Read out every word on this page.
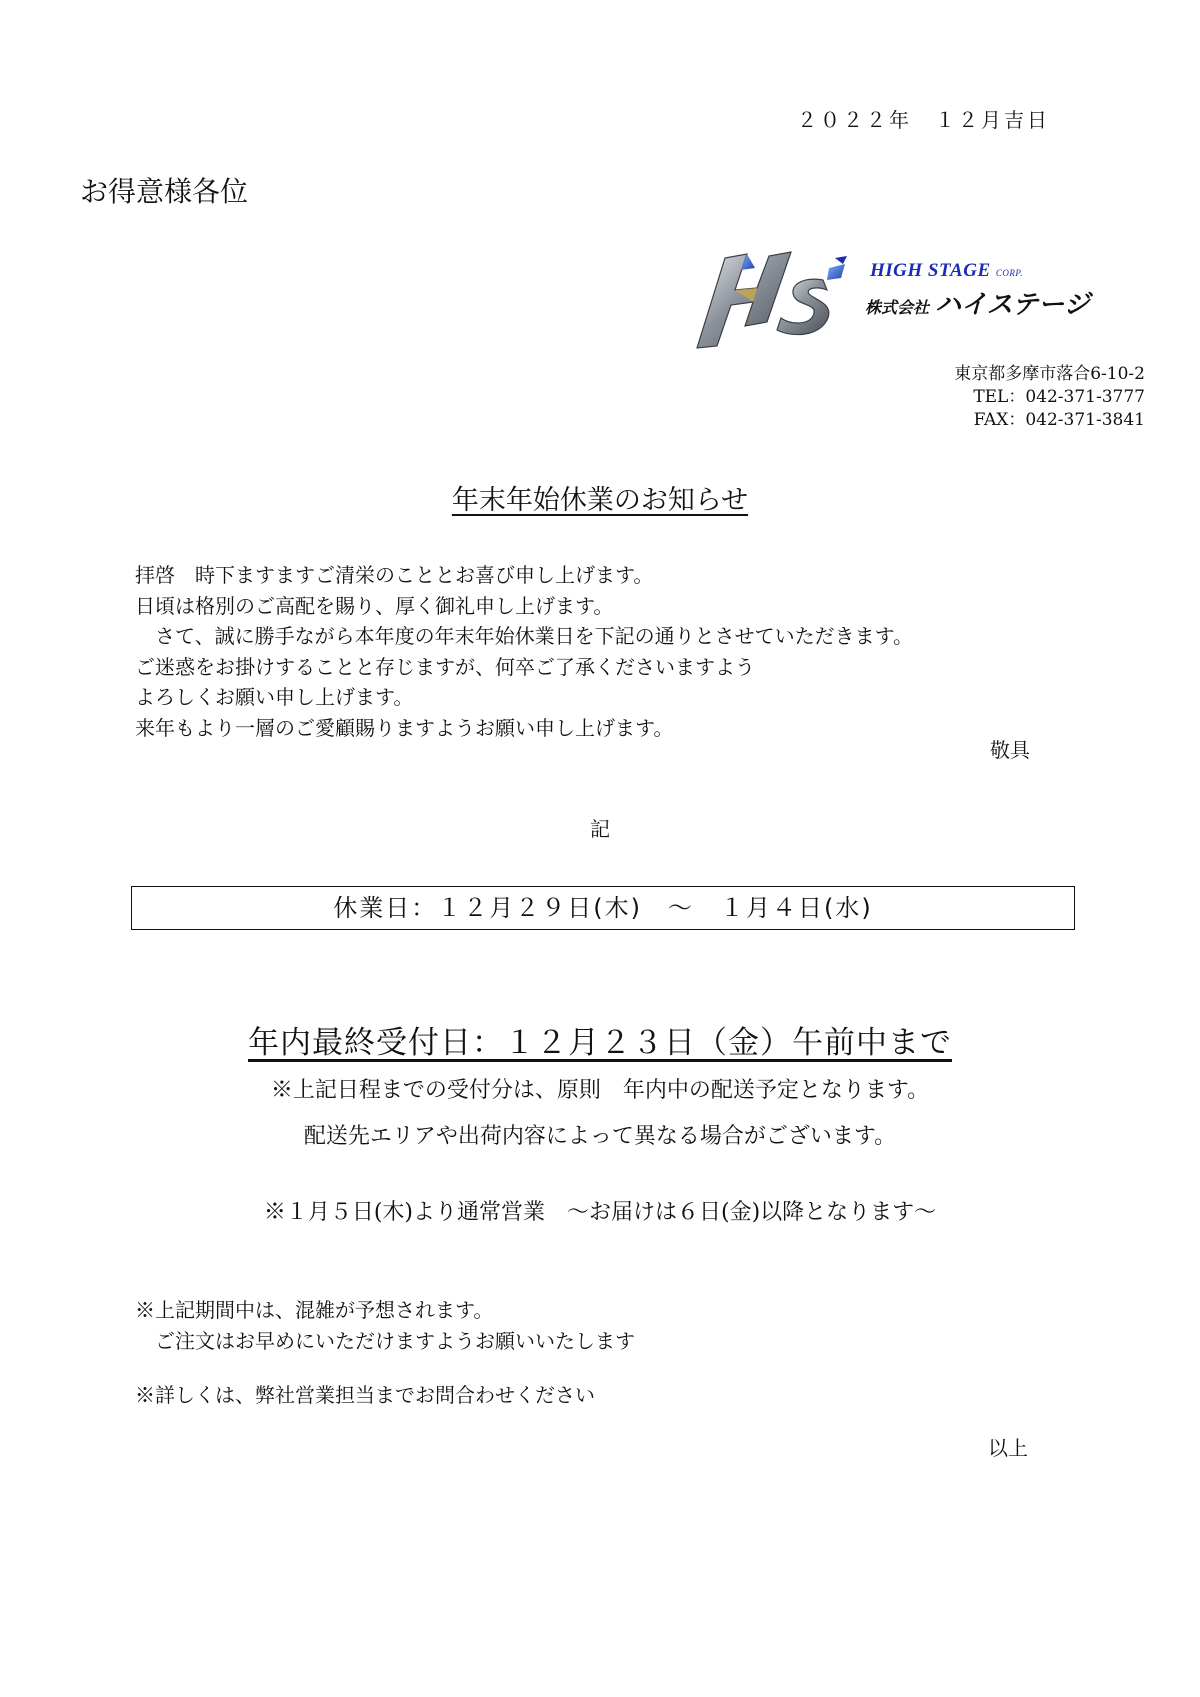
２０２２年　１２月吉日
お得意様各位
HIGH STAGE CORP.
株式会社 ハイステージ
東京都多摩市落合6-10-2
TEL：042-371-3777
FAX：042-371-3841
年末年始休業のお知らせ
拝啓　時下ますますご清栄のこととお喜び申し上げます。
日頃は格別のご高配を賜り、厚く御礼申し上げます。
　さて、誠に勝手ながら本年度の年末年始休業日を下記の通りとさせていただきます。
ご迷惑をお掛けすることと存じますが、何卒ご了承くださいますよう
よろしくお願い申し上げます。
来年もより一層のご愛顧賜りますようお願い申し上げます。
敬具
記
休業日：１２月２９日(木)　～　１月４日(水)
年内最終受付日：１２月２３日（金）午前中まで
※上記日程までの受付分は、原則　年内中の配送予定となります。
配送先エリアや出荷内容によって異なる場合がございます。
※１月５日(木)より通常営業　～お届けは６日(金)以降となります～
※上記期間中は、混雑が予想されます。
　ご注文はお早めにいただけますようお願いいたします
※詳しくは、弊社営業担当までお問合わせください
以上
